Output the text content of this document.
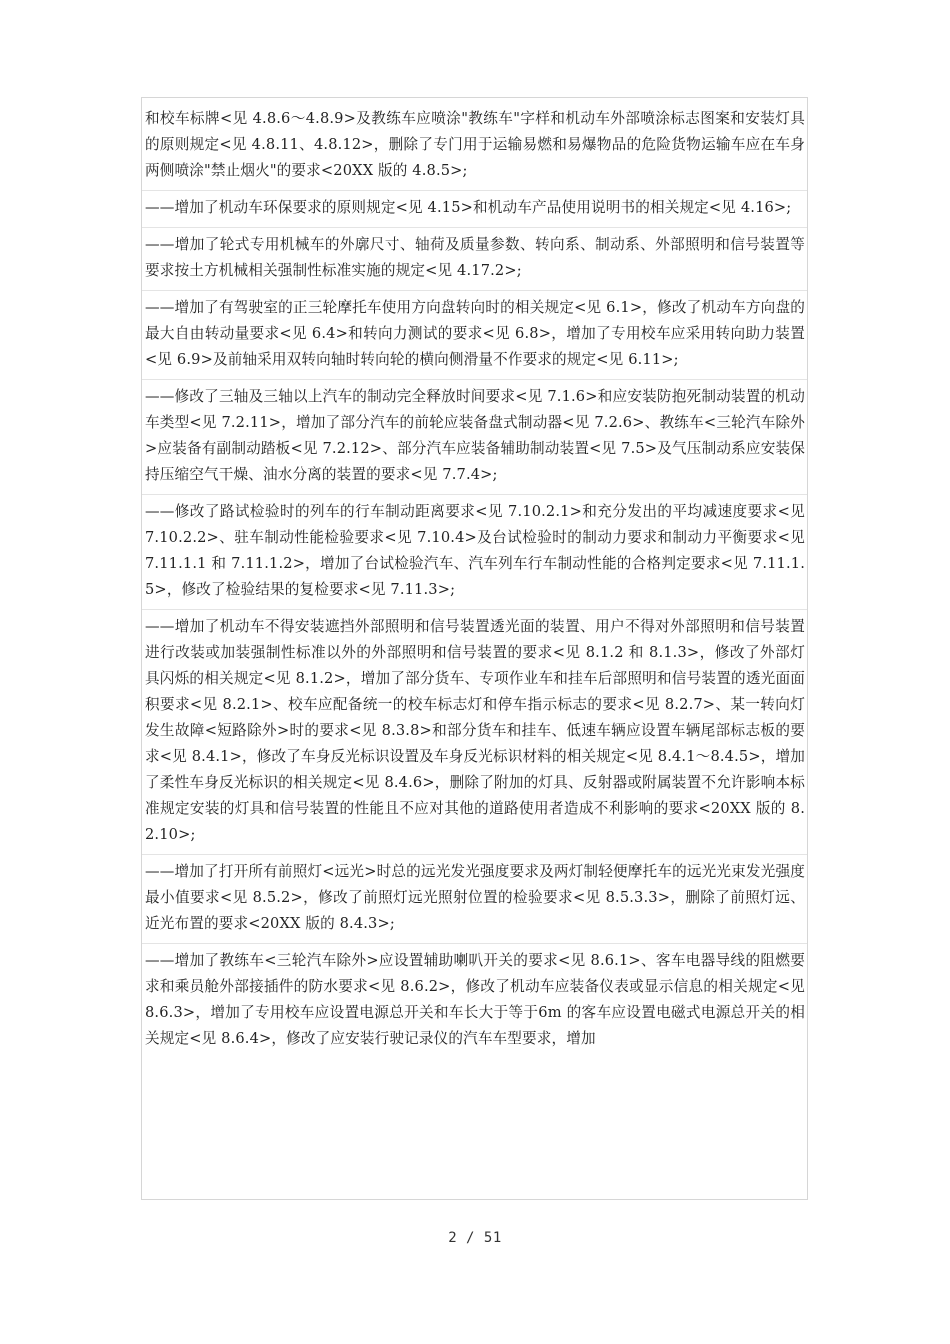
和校车标牌<见 4.8.6～4.8.9>及教练车应喷涂"教练车"字样和机动车外部喷涂标志图案和安装灯具的原则规定<见 4.8.11、4.8.12>，删除了专门用于运输易燃和易爆物品的危险货物运输车应在车身两侧喷涂"禁止烟火"的要求<20XX 版的 4.8.5>;

——增加了机动车环保要求的原则规定<见 4.15>和机动车产品使用说明书的相关规定<见 4.16>;

——增加了轮式专用机械车的外廓尺寸、轴荷及质量参数、转向系、制动系、外部照明和信号装置等要求按土方机械相关强制性标准实施的规定<见 4.17.2>;

——增加了有驾驶室的正三轮摩托车使用方向盘转向时的相关规定<见 6.1>，修改了机动车方向盘的最大自由转动量要求<见 6.4>和转向力测试的要求<见 6.8>，增加了专用校车应采用转向助力装置<见 6.9>及前轴采用双转向轴时转向轮的横向侧滑量不作要求的规定<见 6.11>;

——修改了三轴及三轴以上汽车的制动完全释放时间要求<见 7.1.6>和应安装防抱死制动装置的机动车类型<见 7.2.11>，增加了部分汽车的前轮应装备盘式制动器<见 7.2.6>、教练车<三轮汽车除外>应装备有副制动踏板<见 7.2.12>、部分汽车应装备辅助制动装置<见 7.5>及气压制动系应安装保持压缩空气干燥、油水分离的装置的要求<见 7.7.4>;

——修改了路试检验时的列车的行车制动距离要求<见 7.10.2.1>和充分发出的平均减速度要求<见 7.10.2.2>、驻车制动性能检验要求<见 7.10.4>及台试检验时的制动力要求和制动力平衡要求<见 7.11.1.1 和 7.11.1.2>，增加了台试检验汽车、汽车列车行车制动性能的合格判定要求<见 7.11.1.5>，修改了检验结果的复检要求<见 7.11.3>;

——增加了机动车不得安装遮挡外部照明和信号装置透光面的装置、用户不得对外部照明和信号装置进行改装或加装强制性标准以外的外部照明和信号装置的要求<见 8.1.2 和 8.1.3>，修改了外部灯具闪烁的相关规定<见 8.1.2>，增加了部分货车、专项作业车和挂车后部照明和信号装置的透光面面积要求<见 8.2.1>、校车应配备统一的校车标志灯和停车指示标志的要求<见 8.2.7>、某一转向灯发生故障<短路除外>时的要求<见 8.3.8>和部分货车和挂车、低速车辆应设置车辆尾部标志板的要求<见 8.4.1>，修改了车身反光标识设置及车身反光标识材料的相关规定<见 8.4.1～8.4.5>，增加了柔性车身反光标识的相关规定<见 8.4.6>，删除了附加的灯具、反射器或附属装置不允许影响本标准规定安装的灯具和信号装置的性能且不应对其他的道路使用者造成不利影响的要求<20XX 版的 8.2.10>;

——增加了打开所有前照灯<远光>时总的远光发光强度要求及两灯制轻便摩托车的远光光束发光强度最小值要求<见 8.5.2>，修改了前照灯远光照射位置的检验要求<见 8.5.3.3>，删除了前照灯远、近光布置的要求<20XX 版的 8.4.3>;

——增加了教练车<三轮汽车除外>应设置辅助喇叭开关的要求<见 8.6.1>、客车电器导线的阻燃要求和乘员舱外部接插件的防水要求<见 8.6.2>，修改了机动车应装备仪表或显示信息的相关规定<见 8.6.3>，增加了专用校车应设置电源总开关和车长大于等于6m 的客车应设置电磁式电源总开关的相关规定<见 8.6.4>，修改了应安装行驶记录仪的汽车车型要求，增加

2 / 51
